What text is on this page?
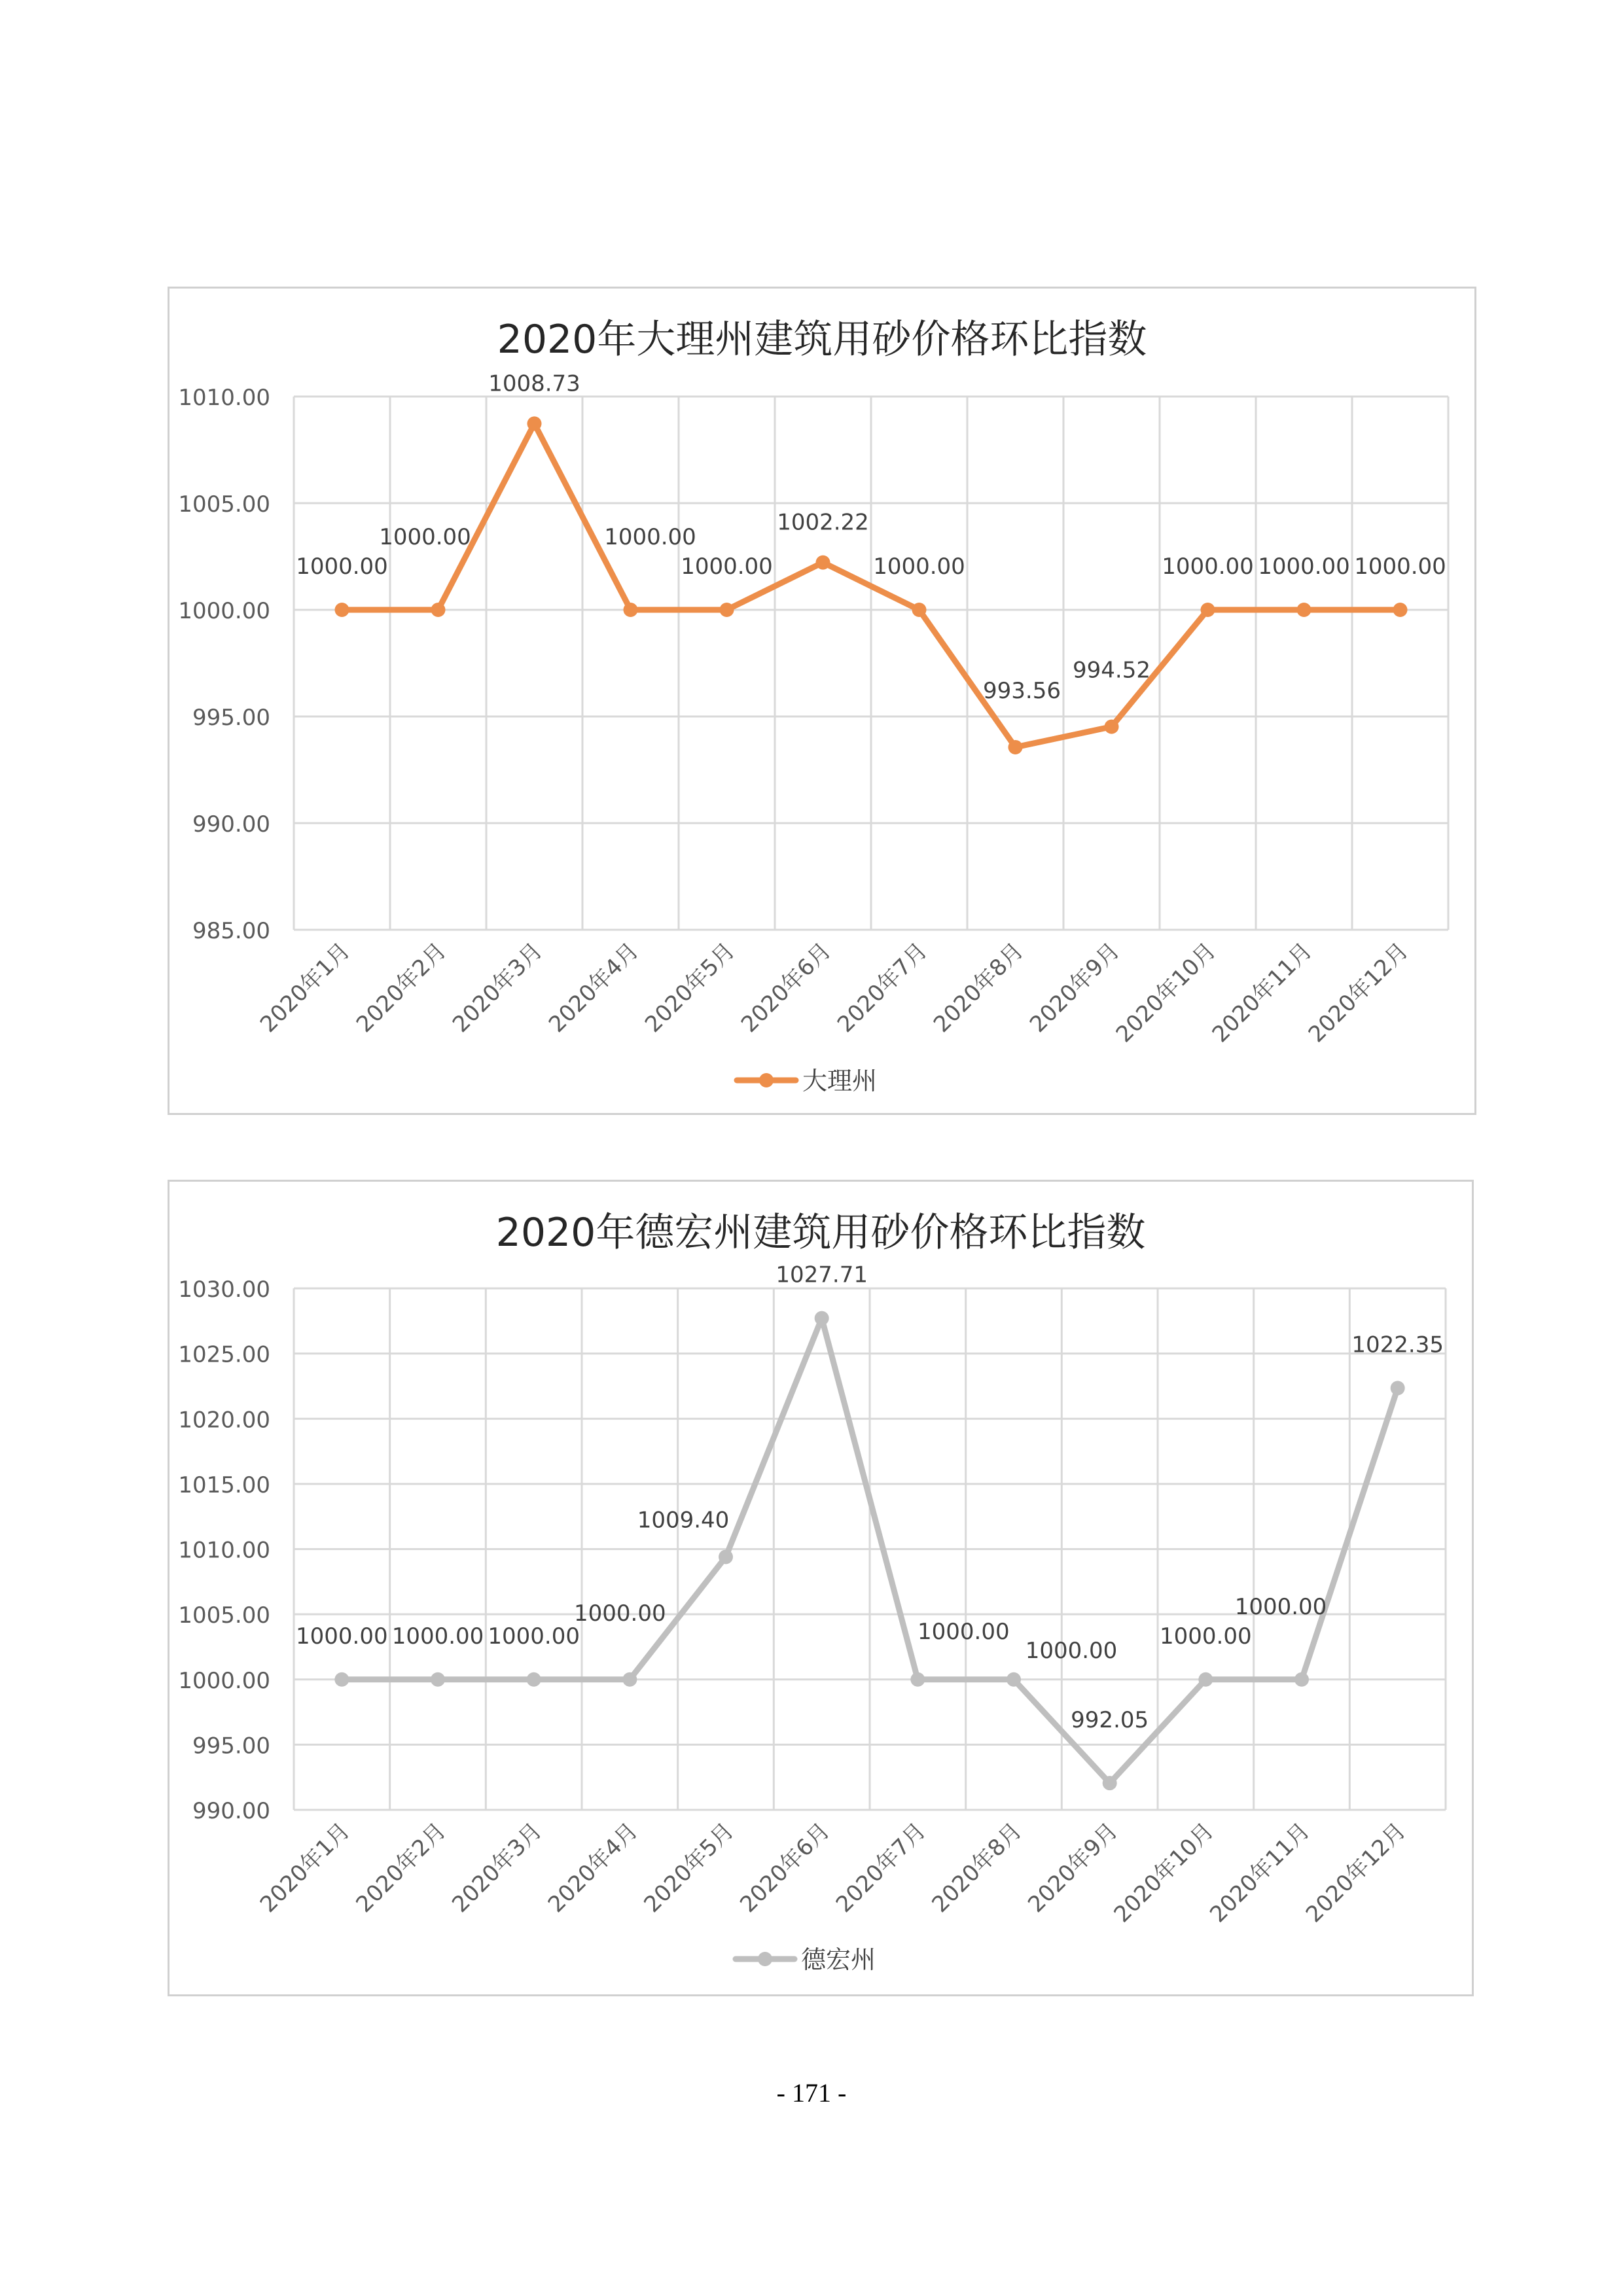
2020年大理州建筑用砂价格环比指数
985.00
990.00
995.00
1000.00
1005.00
1010.00
2020年1月
2020年2月
2020年3月
2020年4月
2020年5月
2020年6月
2020年7月
2020年8月
2020年9月
2020年10月
2020年11月
2020年12月
1000.00
1000.00
1008.73
1000.00
1000.00
1002.22
1000.00
993.56
994.52
1000.00 1000.00 1000.00
大理州
2020年德宏州建筑用砂价格环比指数
990.00
995.00
1000.00
1005.00
1010.00
1015.00
1020.00
1025.00
1030.00
2020年1月
2020年2月
2020年3月
2020年4月
2020年5月
2020年6月
2020年7月
2020年8月
2020年9月
2020年10月
2020年11月
2020年12月
1000.00 1000.00 1000.00
1000.00
1009.40
1027.71
1000.00
1000.00
992.05
1000.00
1000.00
1022.35
德宏州
- 171 -
